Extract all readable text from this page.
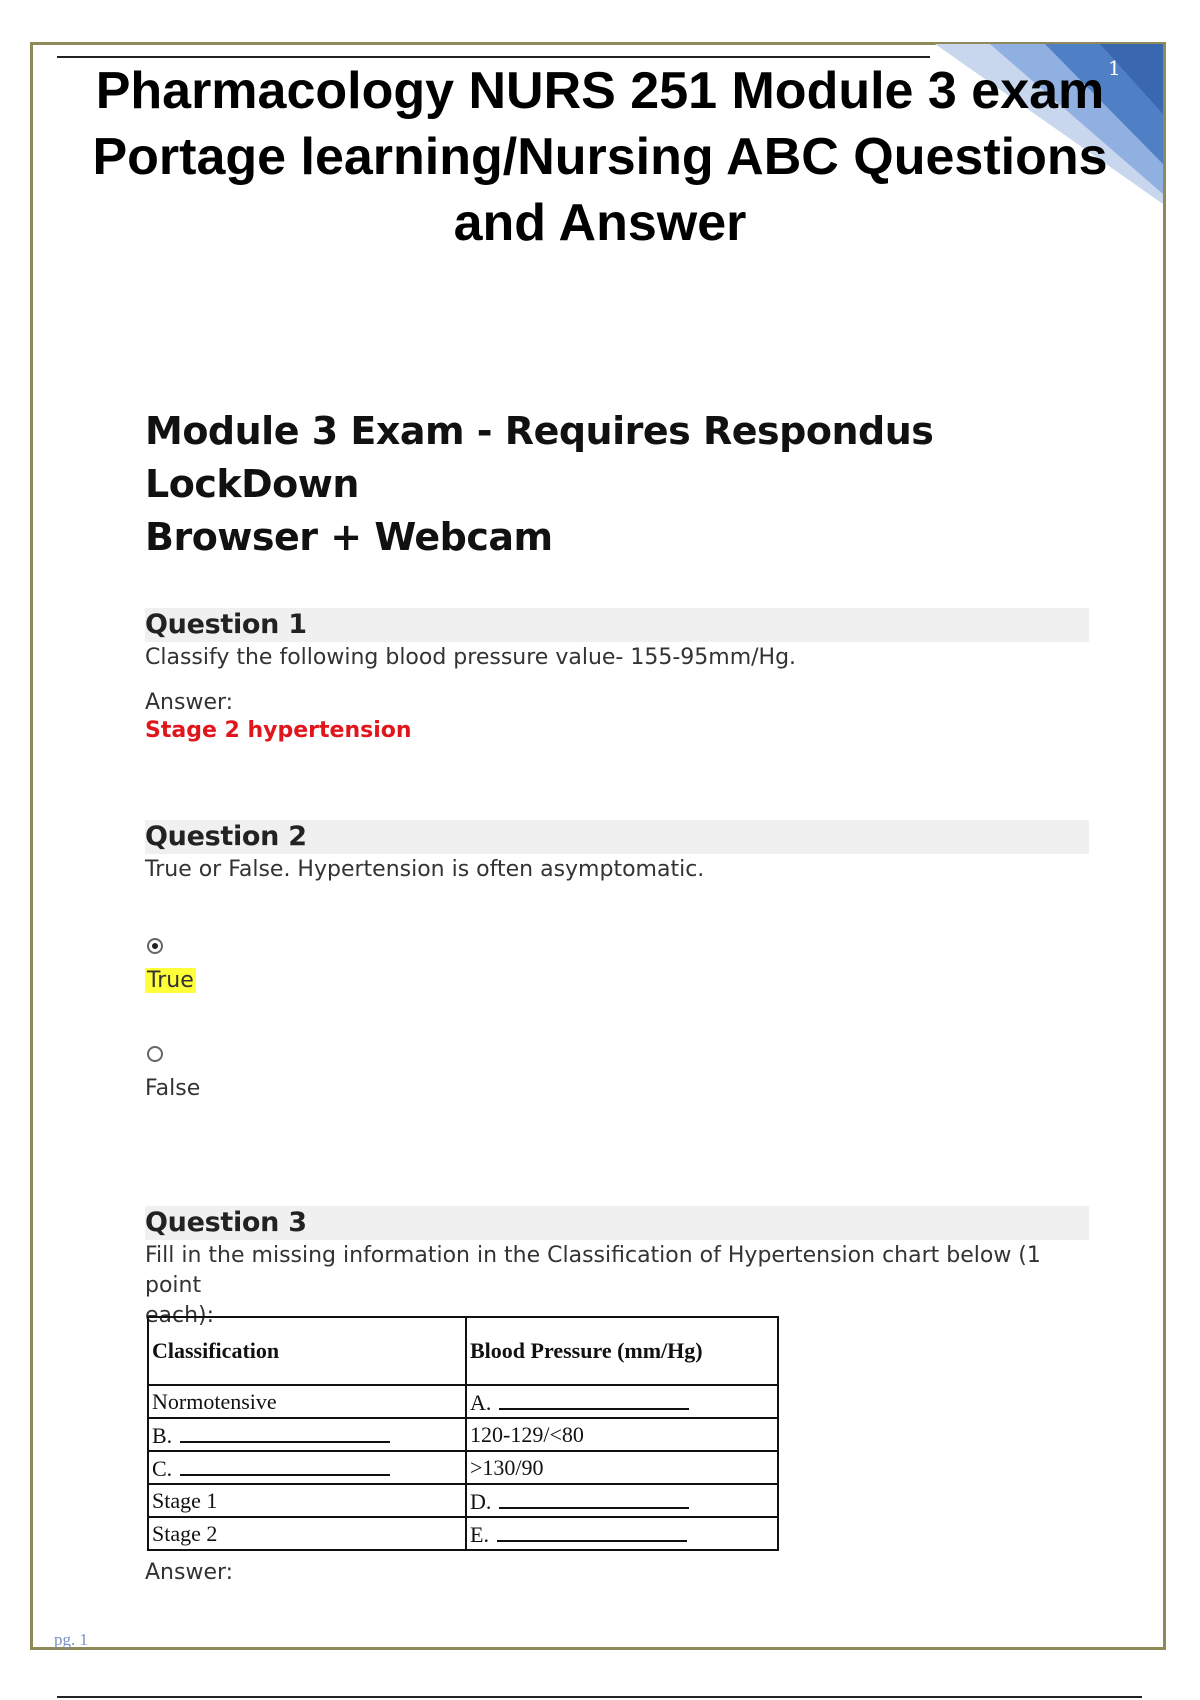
1
Pharmacology NURS 251 Module 3 exam
Portage learning/Nursing ABC Questions
and Answer
Module 3 Exam - Requires Respondus LockDown
Browser + Webcam
Question 1
Classify the following blood pressure value- 155-95mm/Hg.
Answer:
Stage 2 hypertension
Question 2
True or False. Hypertension is often asymptomatic.
True
False
Question 3
Fill in the missing information in the Classification of Hypertension chart below (1 point
each):
Classification	Blood Pressure (mm/Hg)
Normotensive	A.
B.	120-129/<80
C.	>130/90
Stage 1	D.
Stage 2	E.
Answer:
pg. 1
